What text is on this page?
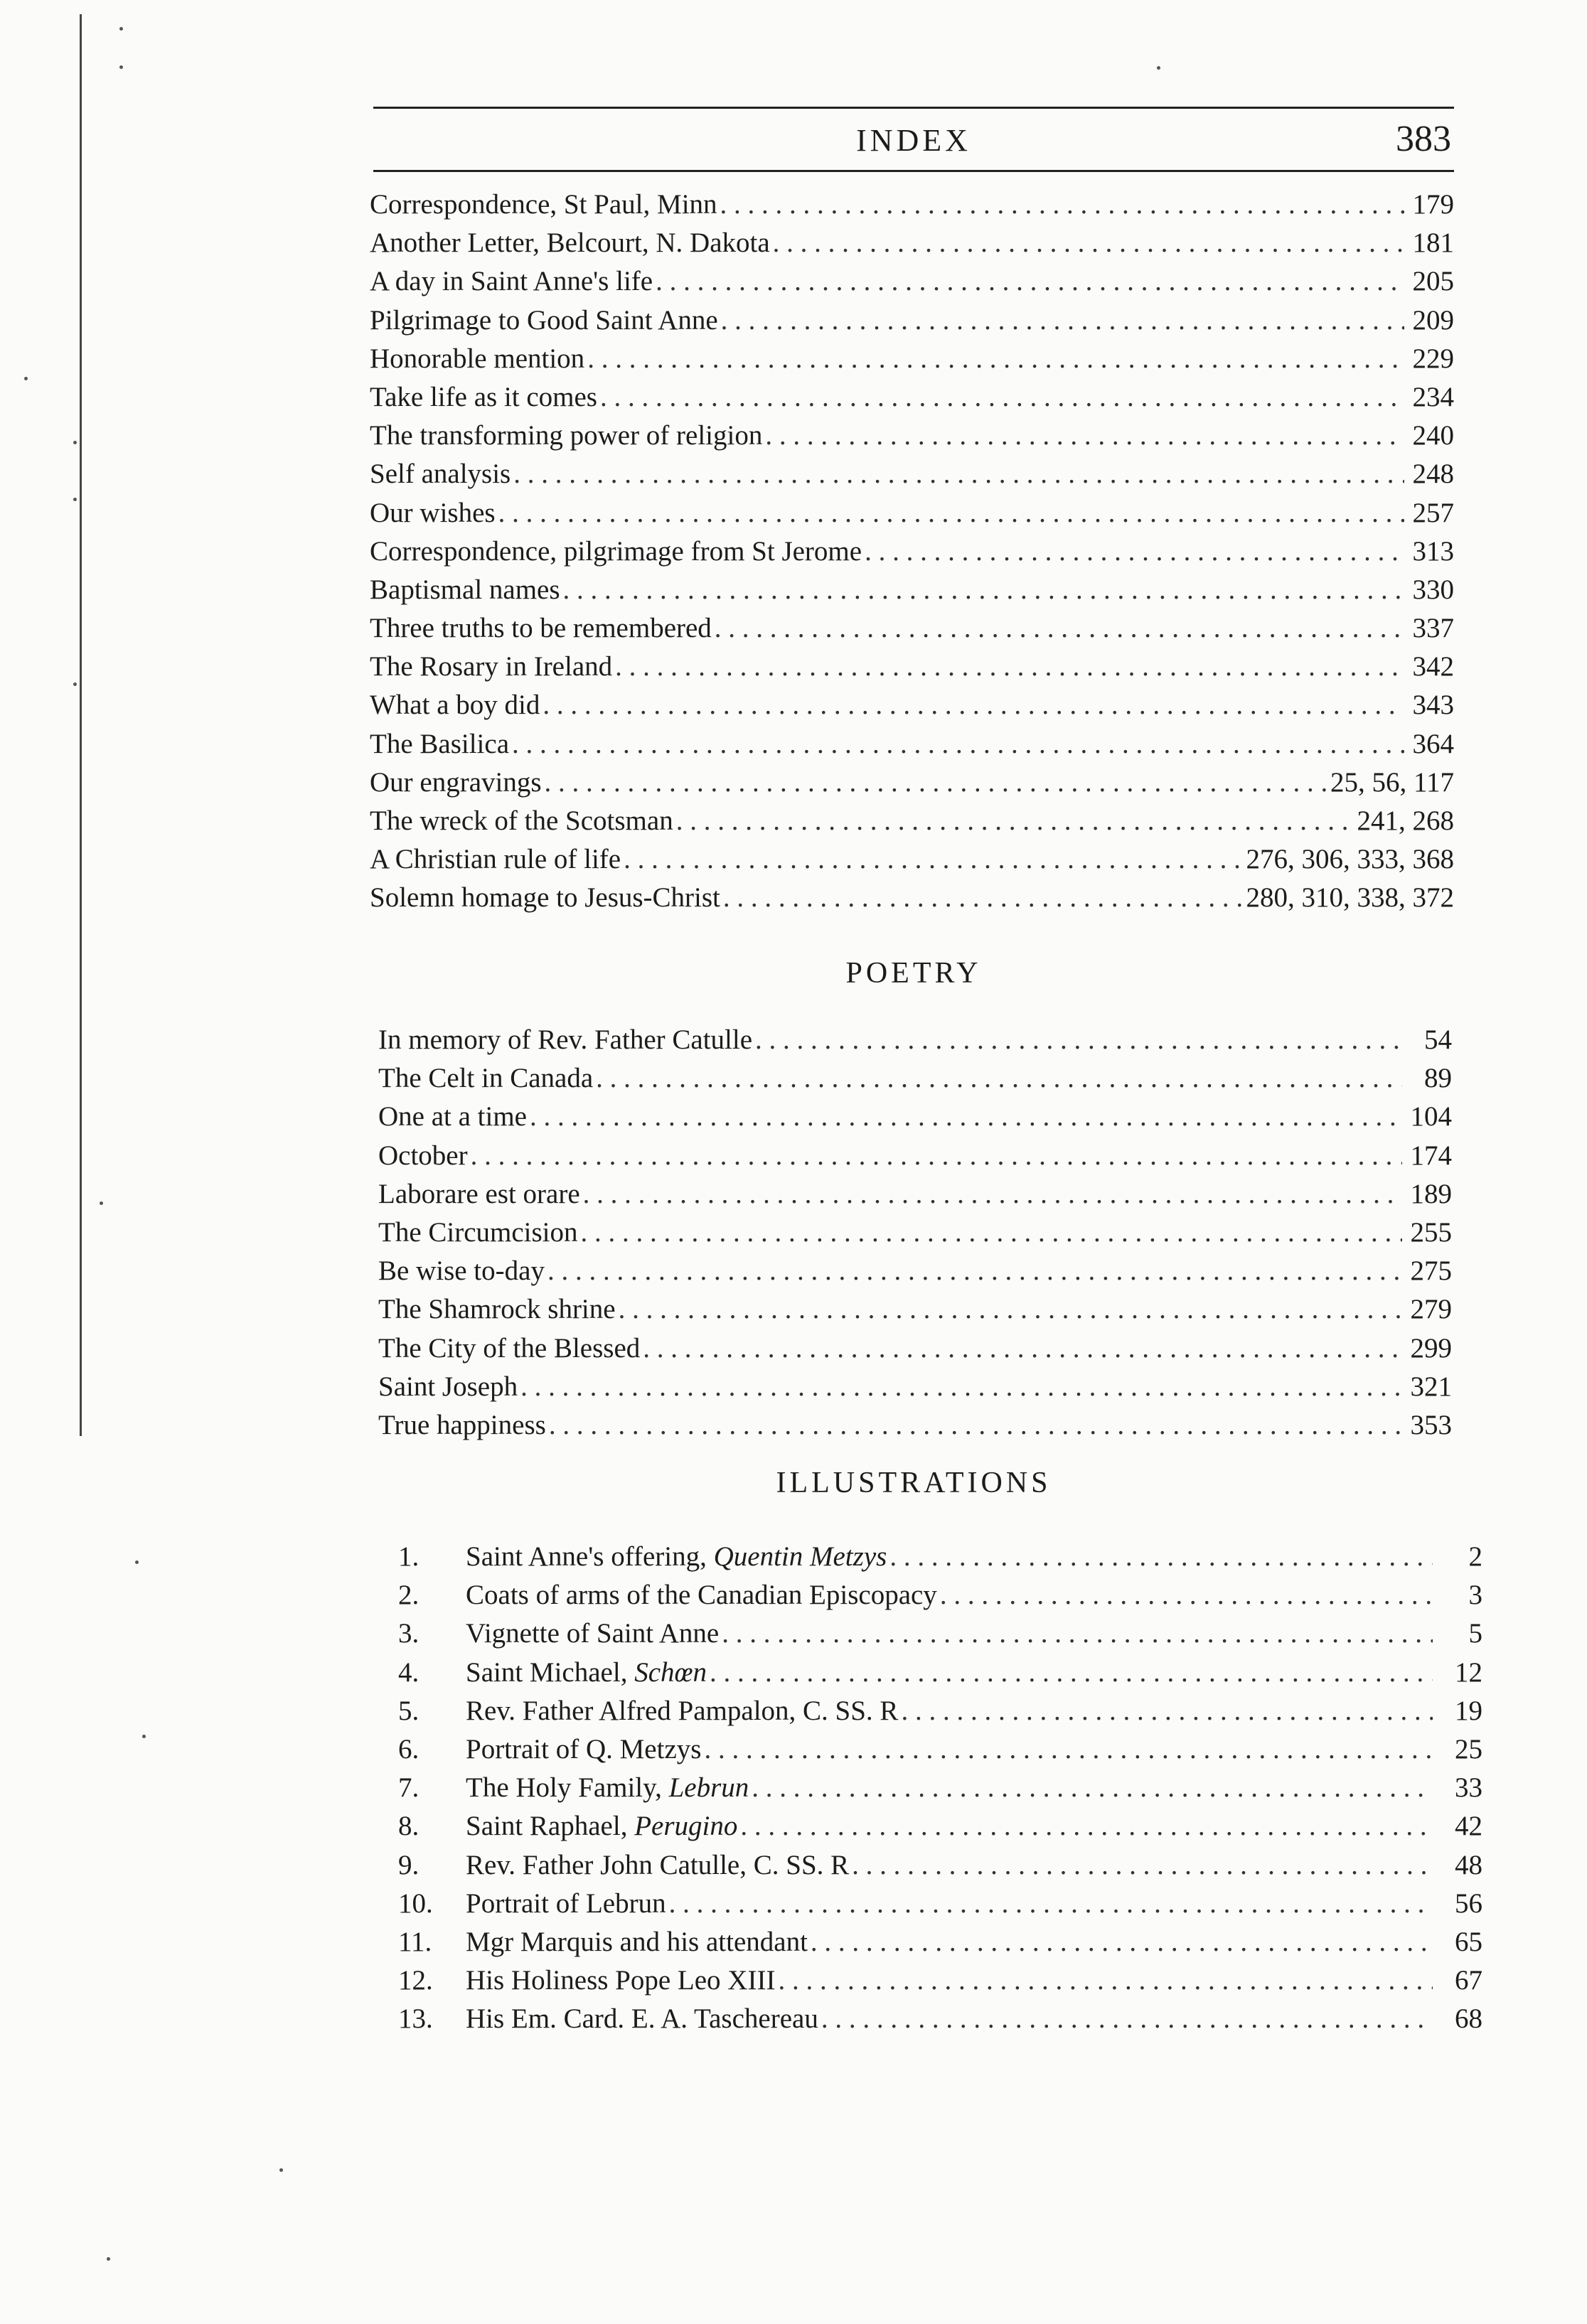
INDEX	383
Correspondence, St Paul, Minn . . .	179
Another Letter, Belcourt, N. Dakota . . .	181
A day in Saint Anne's life . . .	205
Pilgrimage to Good Saint Anne . . .	209
Honorable mention . . .	229
Take life as it comes . . .	234
The transforming power of religion . . .	240
Self analysis . . .	248
Our wishes . . .	257
Correspondence, pilgrimage from St Jerome . . .	313
Baptismal names . . .	330
Three truths to be remembered . . .	337
The Rosary in Ireland . . .	342
What a boy did . . .	343
The Basilica . . .	364
Our engravings . . .	25, 56, 117
The wreck of the Scotsman . . .	241, 268
A Christian rule of life . . .	276, 306, 333, 368
Solemn homage to Jesus-Christ . . .	280, 310, 338, 372
POETRY
In memory of Rev. Father Catulle . . .	54
The Celt in Canada . . .	89
One at a time . . .	104
October . . .	174
Laborare est orare . . .	189
The Circumcision . . .	255
Be wise to-day . . .	275
The Shamrock shrine . . .	279
The City of the Blessed . . .	299
Saint Joseph . . .	321
True happiness . . .	353
ILLUSTRATIONS
1.	Saint Anne's offering, Quentin Metzys . . .	2
2.	Coats of arms of the Canadian Episcopacy . . .	3
3.	Vignette of Saint Anne . . .	5
4.	Saint Michael, Schœn . . .	12
5.	Rev. Father Alfred Pampalon, C. SS. R . . .	19
6.	Portrait of Q. Metzys . . .	25
7.	The Holy Family, Lebrun . . .	33
8.	Saint Raphael, Perugino . . .	42
9.	Rev. Father John Catulle, C. SS. R . . .	48
10.	Portrait of Lebrun . . .	56
11.	Mgr Marquis and his attendant . . .	65
12.	His Holiness Pope Leo XIII . . .	67
13.	His Em. Card. E. A. Taschereau . . .	68
